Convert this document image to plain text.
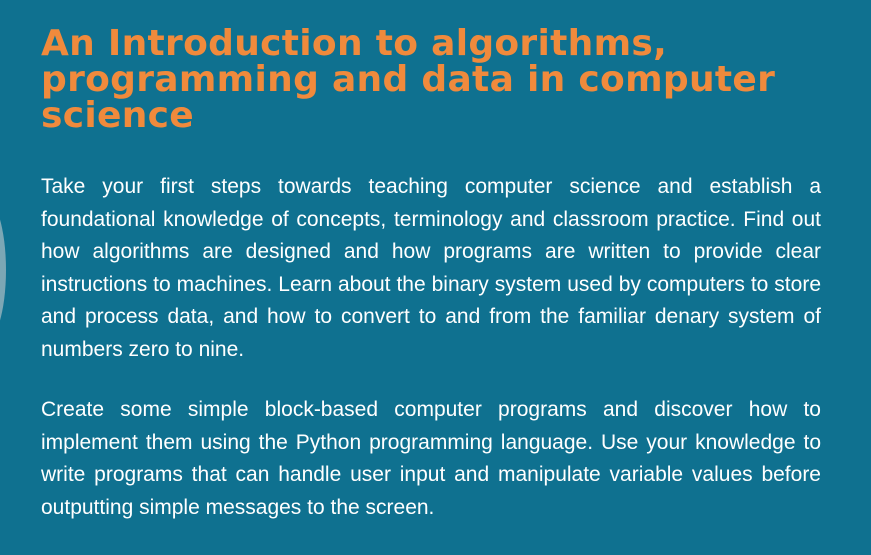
An Introduction to algorithms, programming and data in computer science

Take your first steps towards teaching computer science and establish a foundational knowledge of concepts, terminology and classroom practice. Find out how algorithms are designed and how programs are written to provide clear instructions to machines. Learn about the binary system used by computers to store and process data, and how to convert to and from the familiar denary system of numbers zero to nine.

Create some simple block-based computer programs and discover how to implement them using the Python programming language. Use your knowledge to write programs that can handle user input and manipulate variable values before outputting simple messages to the screen.
